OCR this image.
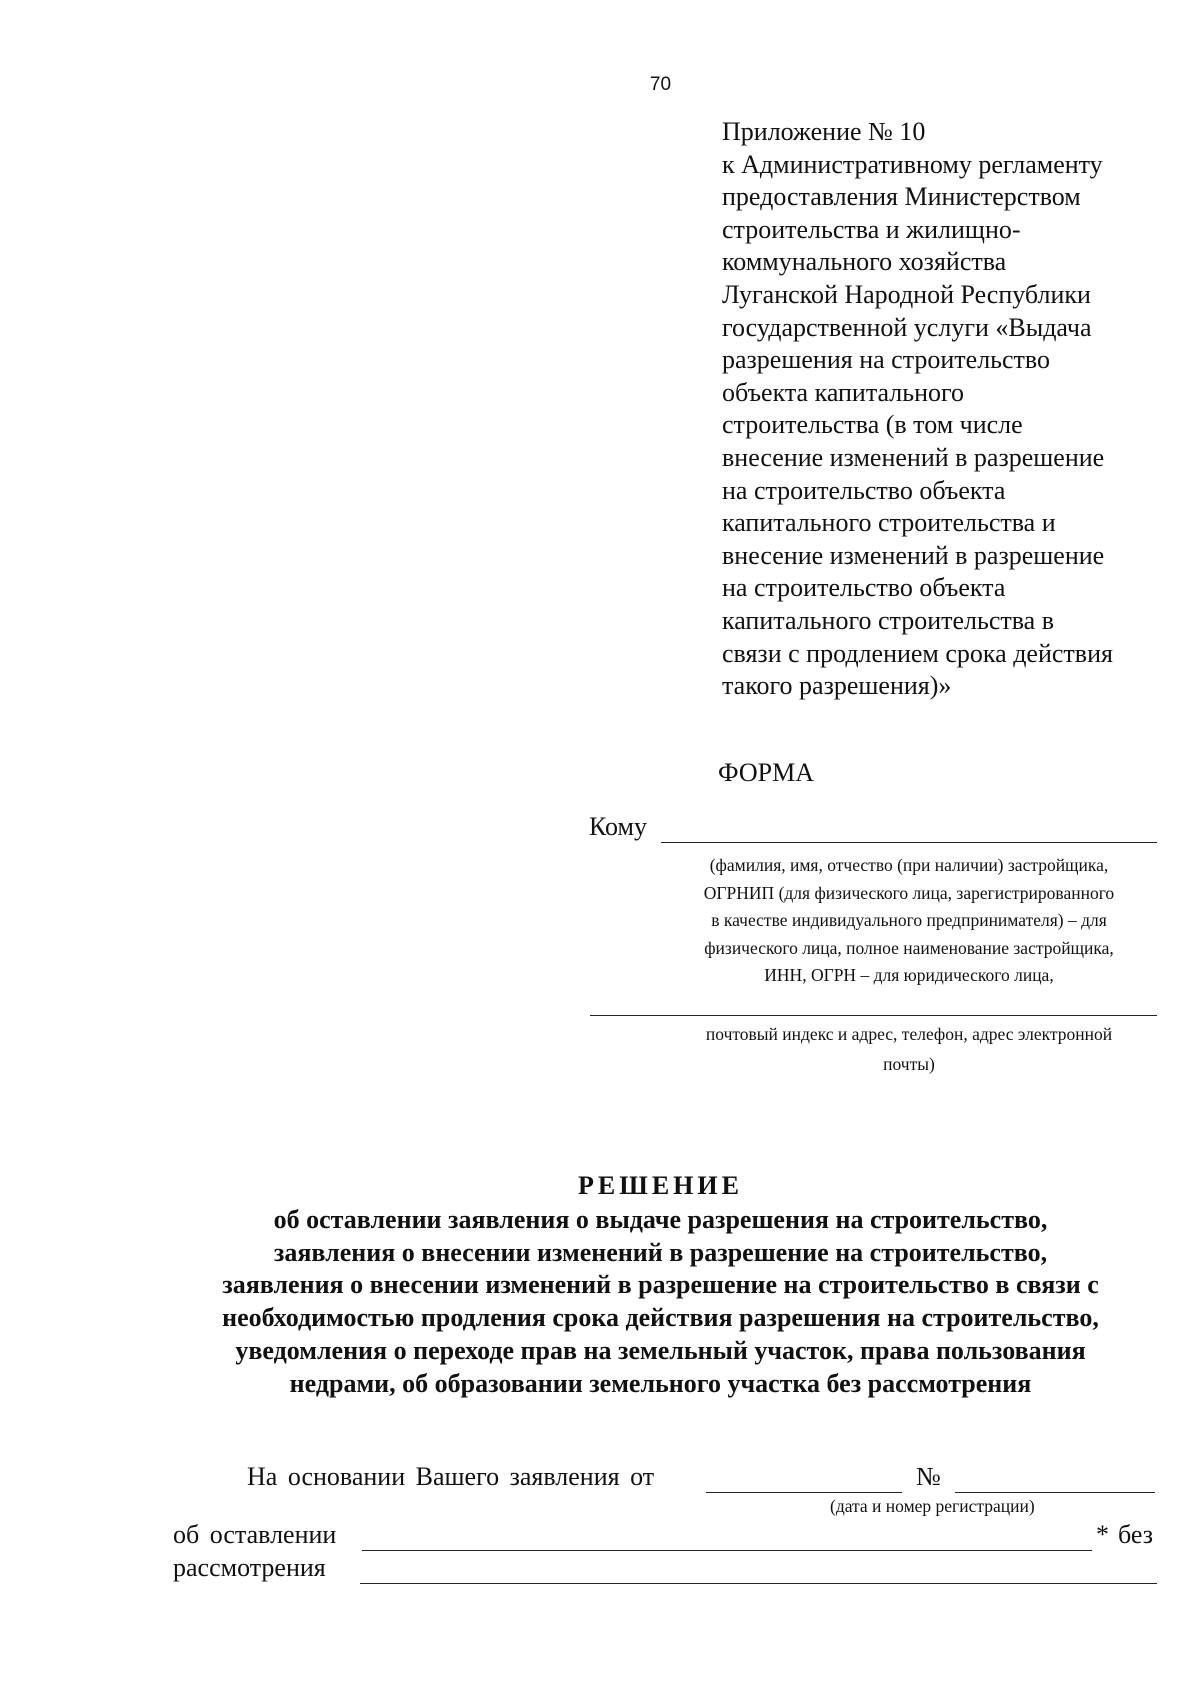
70
Приложение № 10
к Административному регламенту
предоставления Министерством
строительства и жилищно-
коммунального хозяйства
Луганской Народной Республики
государственной услуги «Выдача
разрешения на строительство
объекта капитального
строительства (в том числе
внесение изменений в разрешение
на строительство объекта
капитального строительства и
внесение изменений в разрешение
на строительство объекта
капитального строительства в
связи с продлением срока действия
такого разрешения)»
ФОРМА
Кому
(фамилия, имя, отчество (при наличии) застройщика,
ОГРНИП (для физического лица, зарегистрированного
в качестве индивидуального предпринимателя) – для
физического лица, полное наименование застройщика,
ИНН, ОГРН – для юридического лица,
почтовый индекс и адрес, телефон, адрес электронной
почты)
РЕШЕНИЕ
об оставлении заявления о выдаче разрешения на строительство,
заявления о внесении изменений в разрешение на строительство,
заявления о внесении изменений в разрешение на строительство в связи с
необходимостью продления срока действия разрешения на строительство,
уведомления о переходе прав на земельный участок, права пользования
недрами, об образовании земельного участка без рассмотрения
На основании Вашего заявления от	№
(дата и номер регистрации)
об оставлении	* без
рассмотрения
